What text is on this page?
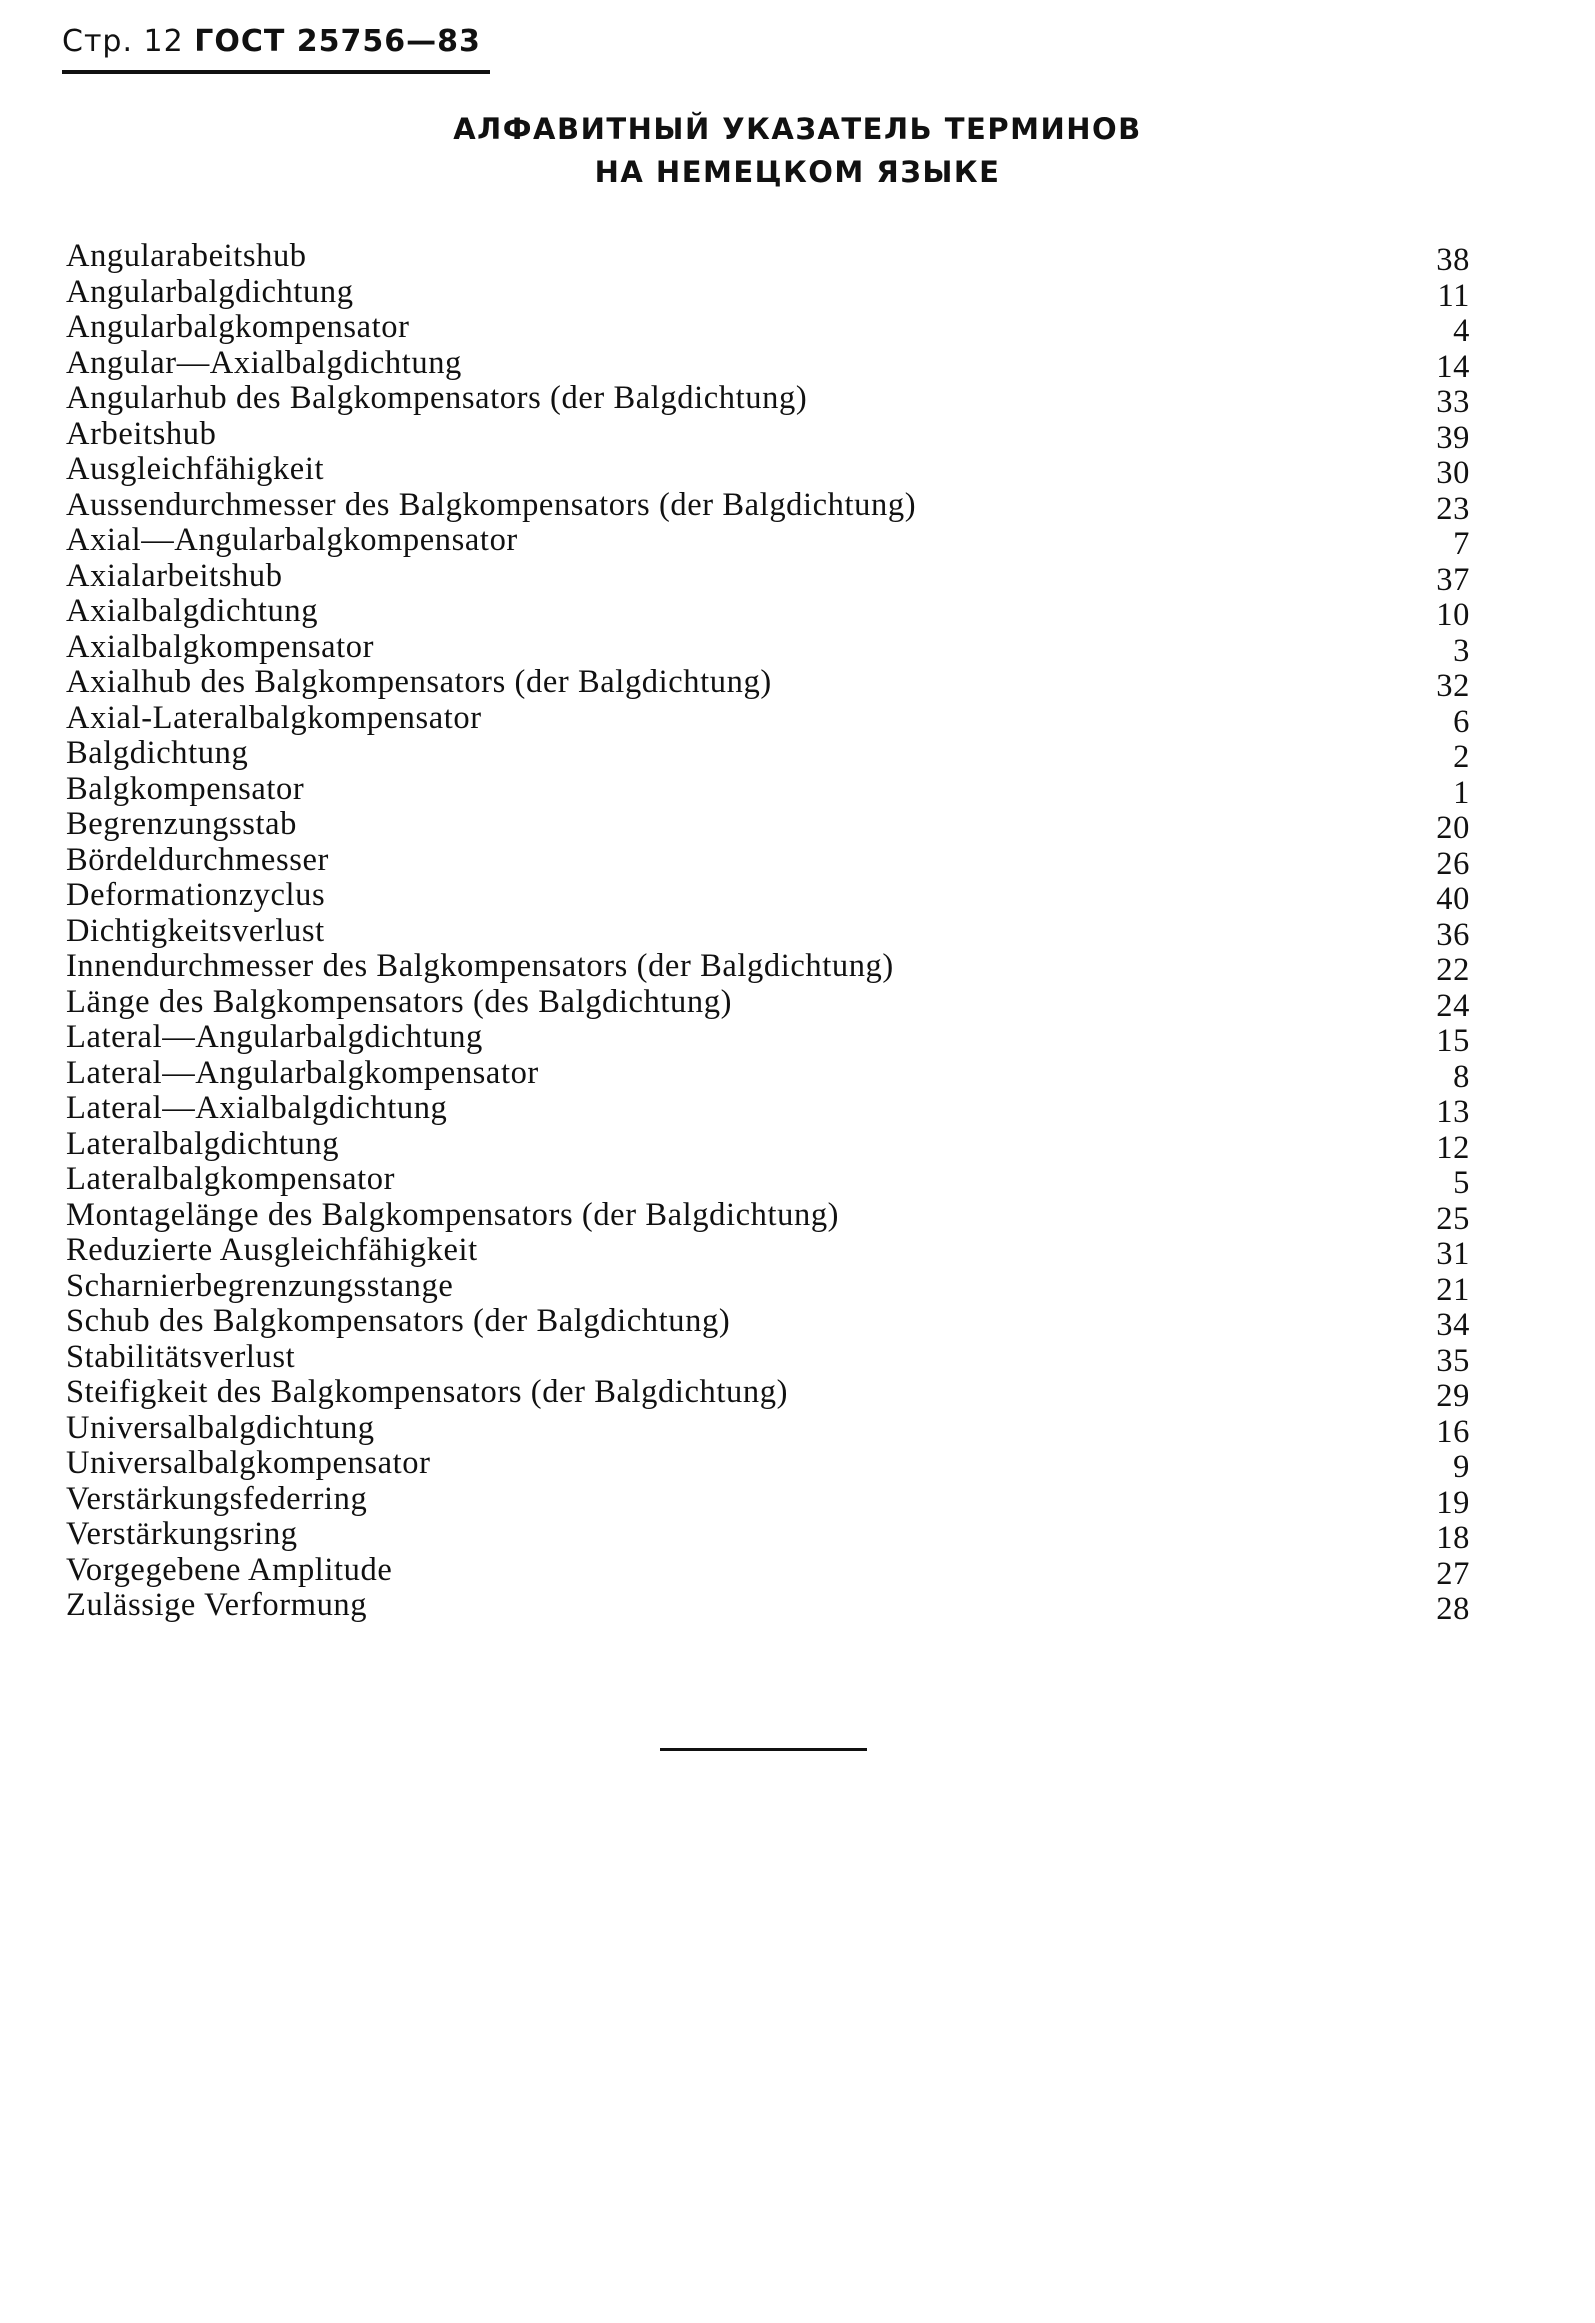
Стр. 12 ГОСТ 25756—83
АЛФАВИТНЫЙ УКАЗАТЕЛЬ ТЕРМИНОВ
НА НЕМЕЦКОМ ЯЗЫКЕ
Angularabeitshub	38
Angularbalgdichtung	11
Angularbalgkompensator	4
Angular—Axialbalgdichtung	14
Angularhub des Balgkompensators (der Balgdichtung)	33
Arbeitshub	39
Ausgleichfähigkeit	30
Aussendurchmesser des Balgkompensators (der Balgdichtung)	23
Axial—Angularbalgkompensator	7
Axialarbeitshub	37
Axialbalgdichtung	10
Axialbalgkompensator	3
Axialhub des Balgkompensators (der Balgdichtung)	32
Axial-Lateralbalgkompensator	6
Balgdichtung	2
Balgkompensator	1
Begrenzungsstab	20
Bördeldurchmesser	26
Deformationzyclus	40
Dichtigkeitsverlust	36
Innendurchmesser des Balgkompensators (der Balgdichtung)	22
Länge des Balgkompensators (des Balgdichtung)	24
Lateral—Angularbalgdichtung	15
Lateral—Angularbalgkompensator	8
Lateral—Axialbalgdichtung	13
Lateralbalgdichtung	12
Lateralbalgkompensator	5
Montagelänge des Balgkompensators (der Balgdichtung)	25
Reduzierte Ausgleichfähigkeit	31
Scharnierbegrenzungsstange	21
Schub des Balgkompensators (der Balgdichtung)	34
Stabilitätsverlust	35
Steifigkeit des Balgkompensators (der Balgdichtung)	29
Universalbalgdichtung	16
Universalbalgkompensator	9
Verstärkungsfederring	19
Verstärkungsring	18
Vorgegebene Amplitude	27
Zulässige Verformung	28
